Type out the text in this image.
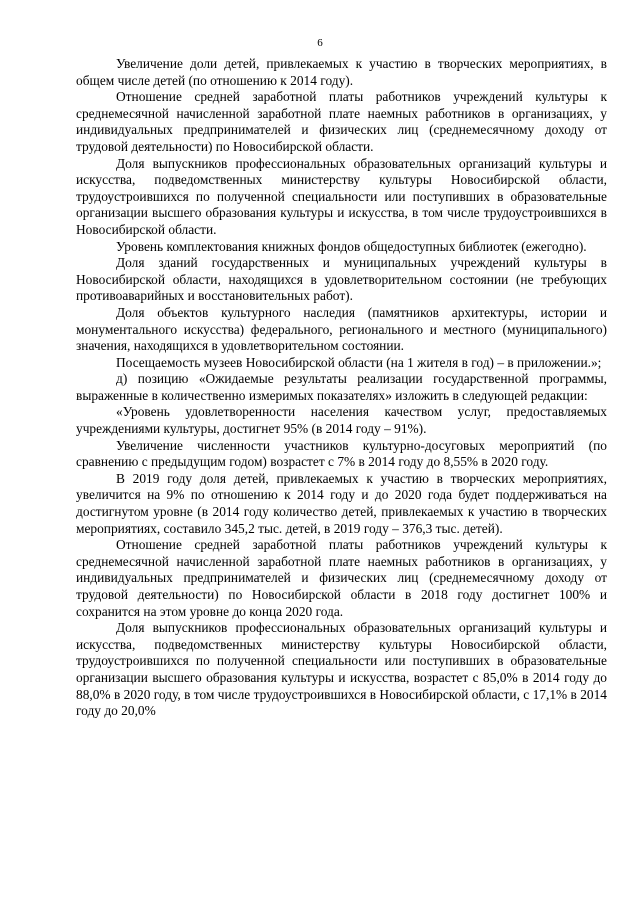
6

Увеличение доли детей, привлекаемых к участию в творческих мероприятиях, в общем числе детей (по отношению к 2014 году).

Отношение средней заработной платы работников учреждений культуры к среднемесячной начисленной заработной плате наемных работников в организациях, у индивидуальных предпринимателей и физических лиц (среднемесячному доходу от трудовой деятельности) по Новосибирской области.

Доля выпускников профессиональных образовательных организаций культуры и искусства, подведомственных министерству культуры Новосибирской области, трудоустроившихся по полученной специальности или поступивших в образовательные организации высшего образования культуры и искусства, в том числе трудоустроившихся в Новосибирской области.

Уровень комплектования книжных фондов общедоступных библиотек (ежегодно).

Доля зданий государственных и муниципальных учреждений культуры в Новосибирской области, находящихся в удовлетворительном состоянии (не требующих противоаварийных и восстановительных работ).

Доля объектов культурного наследия (памятников архитектуры, истории и монументального искусства) федерального, регионального и местного (муниципального) значения, находящихся в удовлетворительном состоянии.

Посещаемость музеев Новосибирской области (на 1 жителя в год) – в приложении.»;

д) позицию «Ожидаемые результаты реализации государственной программы, выраженные в количественно измеримых показателях» изложить в следующей редакции:

«Уровень удовлетворенности населения качеством услуг, предоставляемых учреждениями культуры, достигнет 95% (в 2014 году – 91%).

Увеличение численности участников культурно-досуговых мероприятий (по сравнению с предыдущим годом) возрастет с 7% в 2014 году до 8,55% в 2020 году.

В 2019 году доля детей, привлекаемых к участию в творческих мероприятиях, увеличится на 9% по отношению к 2014 году и до 2020 года будет поддерживаться на достигнутом уровне (в 2014 году количество детей, привлекаемых к участию в творческих мероприятиях, составило 345,2 тыс. детей, в 2019 году – 376,3 тыс. детей).

Отношение средней заработной платы работников учреждений культуры к среднемесячной начисленной заработной плате наемных работников в организациях, у индивидуальных предпринимателей и физических лиц (среднемесячному доходу от трудовой деятельности) по Новосибирской области в 2018 году достигнет 100% и сохранится на этом уровне до конца 2020 года.

Доля выпускников профессиональных образовательных организаций культуры и искусства, подведомственных министерству культуры Новосибирской области, трудоустроившихся по полученной специальности или поступивших в образовательные организации высшего образования культуры и искусства, возрастет с 85,0% в 2014 году до 88,0% в 2020 году, в том числе трудоустроившихся в Новосибирской области, с 17,1% в 2014 году до 20,0%
